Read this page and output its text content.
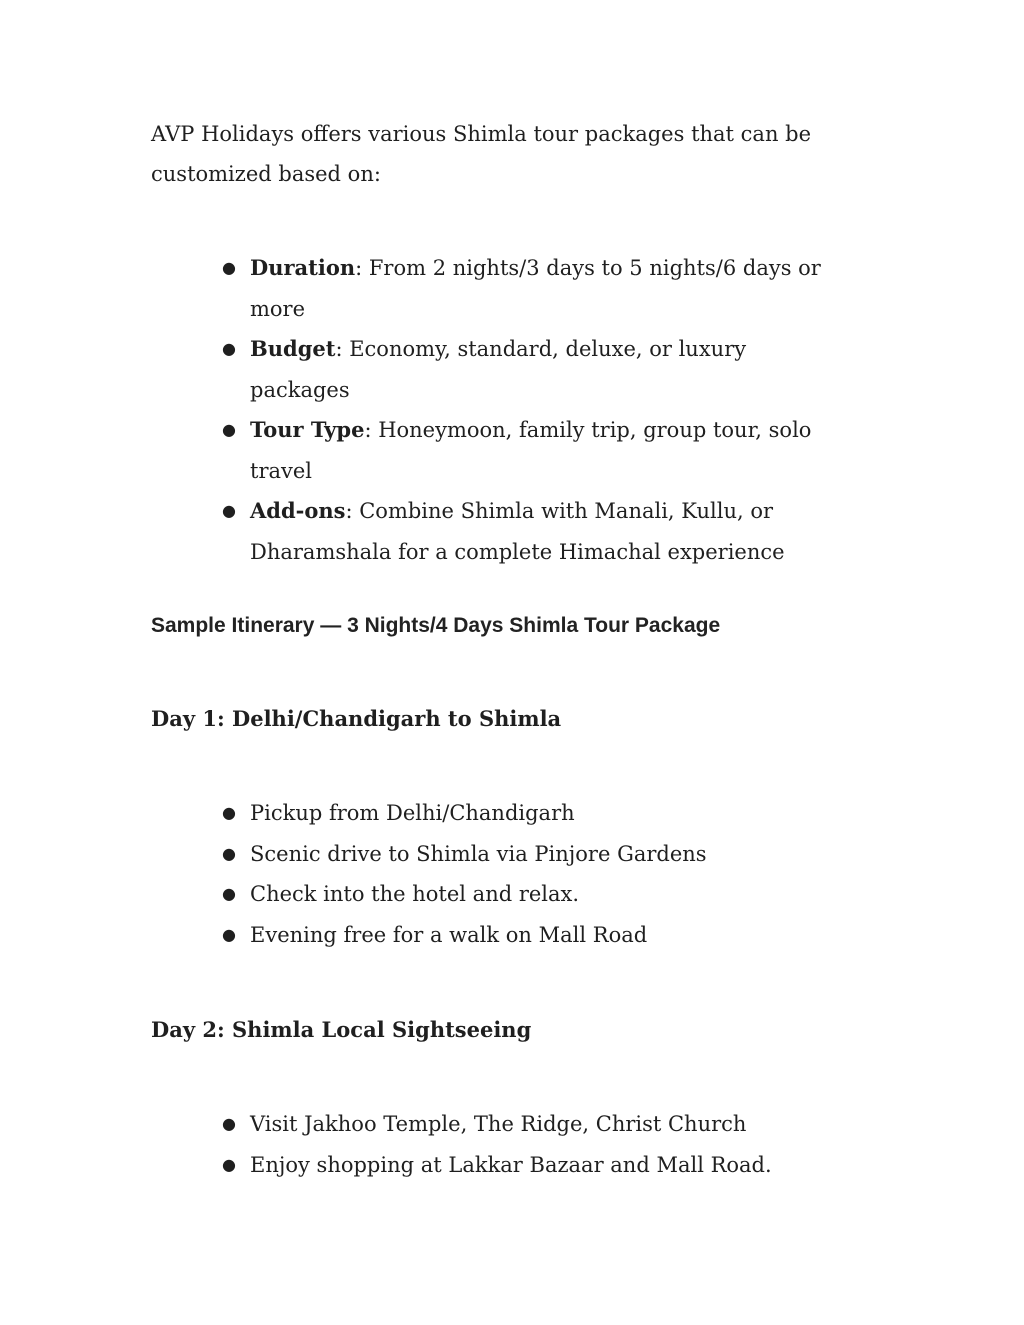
AVP Holidays offers various Shimla tour packages that can be customized based on:

● Duration: From 2 nights/3 days to 5 nights/6 days or more
● Budget: Economy, standard, deluxe, or luxury packages
● Tour Type: Honeymoon, family trip, group tour, solo travel
● Add-ons: Combine Shimla with Manali, Kullu, or Dharamshala for a complete Himachal experience
Sample Itinerary — 3 Nights/4 Days Shimla Tour Package
Day 1: Delhi/Chandigarh to Shimla
● Pickup from Delhi/Chandigarh
● Scenic drive to Shimla via Pinjore Gardens
● Check into the hotel and relax.
● Evening free for a walk on Mall Road
Day 2: Shimla Local Sightseeing
● Visit Jakhoo Temple, The Ridge, Christ Church
● Enjoy shopping at Lakkar Bazaar and Mall Road.
